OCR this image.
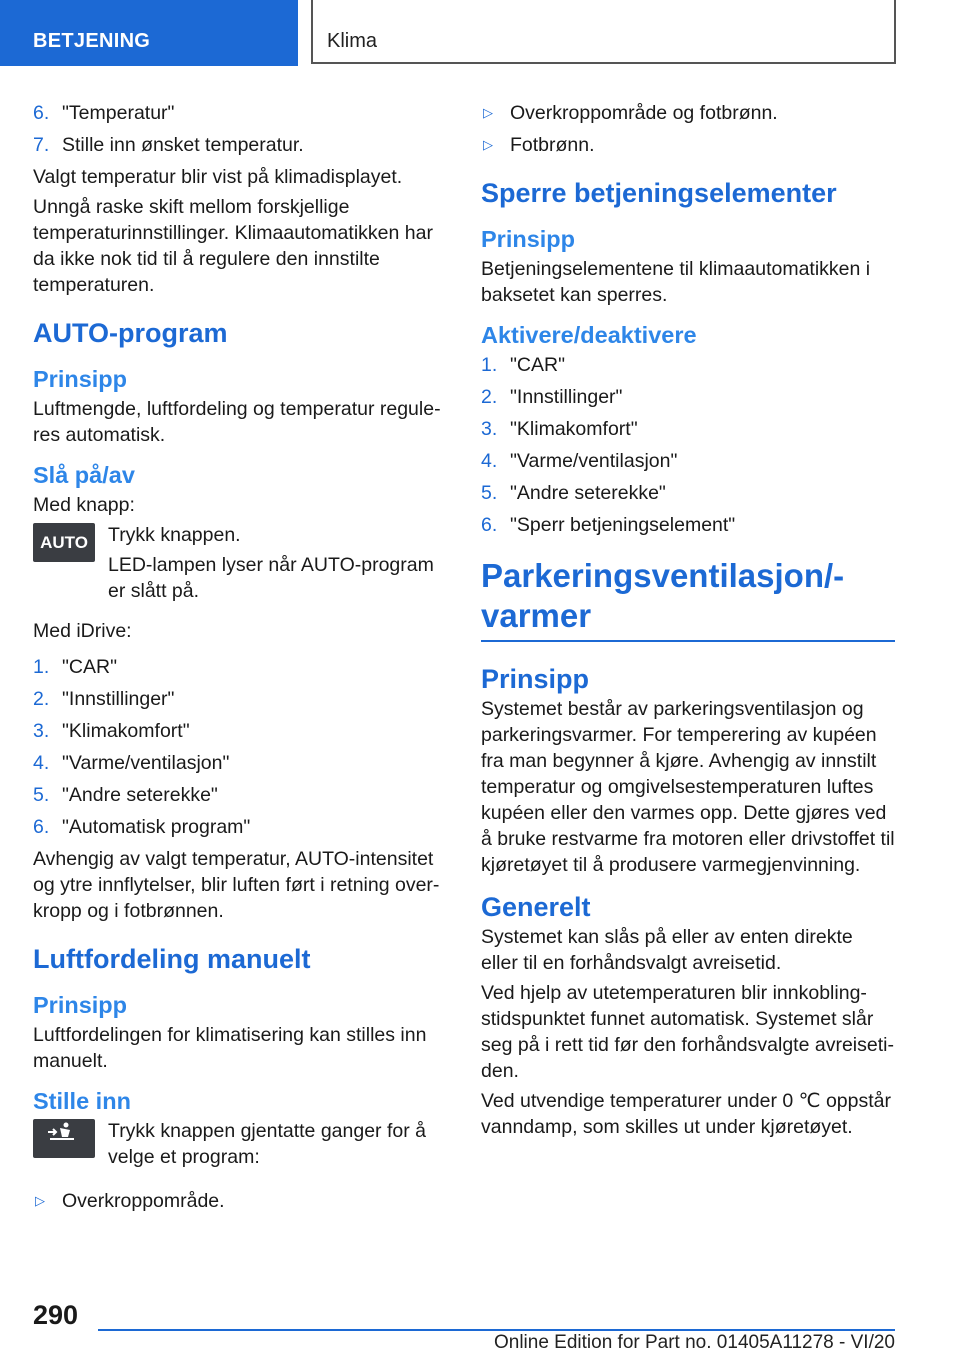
BETJENING	Klima
6. "Temperatur"
7. Stille inn ønsket temperatur.

Valgt temperatur blir vist på klimadisplayet.

Unngå raske skift mellom forskjellige temperaturinnstillinger. Klimaautomatikken har da ikke nok tid til å regulere den innstilte temperaturen.

AUTO-program
Prinsipp

Luftmengde, luftfordeling og temperatur reguleres automatisk.

Slå på/av

Med knapp:

AUTO	Trykk knappen.

LED-lampen lyser når AUTO-program er slått på.

Med iDrive:

1. "CAR"
2. "Innstillinger"
3. "Klimakomfort"
4. "Varme/ventilasjon"
5. "Andre seterekke"
6. "Automatisk program"

Avhengig av valgt temperatur, AUTO-intensitet og ytre innflytelser, blir luften ført i retning overkropp og i fotbrønnen.

Luftfordeling manuelt
Prinsipp

Luftfordelingen for klimatisering kan stilles inn manuelt.

Stille inn

Trykk knappen gjentatte ganger for å velge et program:

▷ Overkroppområde.
▷ Overkroppområde og fotbrønn.
▷ Fotbrønn.
Sperre betjeningselementer
Prinsipp

Betjeningselementene til klimaautomatikken i baksetet kan sperres.

Aktivere/deaktivere
1. "CAR"
2. "Innstillinger"
3. "Klimakomfort"
4. "Varme/ventilasjon"
5. "Andre seterekke"
6. "Sperr betjeningselement"
Parkeringsventilasjon/-varmer
Prinsipp

Systemet består av parkeringsventilasjon og parkeringsvarmer. For temperering av kupéen fra man begynner å kjøre. Avhengig av innstilt temperatur og omgivelsestemperaturen luftes kupéen eller den varmes opp. Dette gjøres ved å bruke restvarme fra motoren eller drivstoffet til kjøretøyet til å produsere varmegjenvinning.

Generelt

Systemet kan slås på eller av enten direkte eller til en forhåndsvalgt avreisetid.

Ved hjelp av utetemperaturen blir innkoblingstidspunktet funnet automatisk. Systemet slår seg på i rett tid før den forhåndsvalgte avreisetiden.

Ved utvendige temperaturer under 0 ℃ oppstår vanndamp, som skilles ut under kjøretøyet.

290
Online Edition for Part no. 01405A11278 - VI/20
